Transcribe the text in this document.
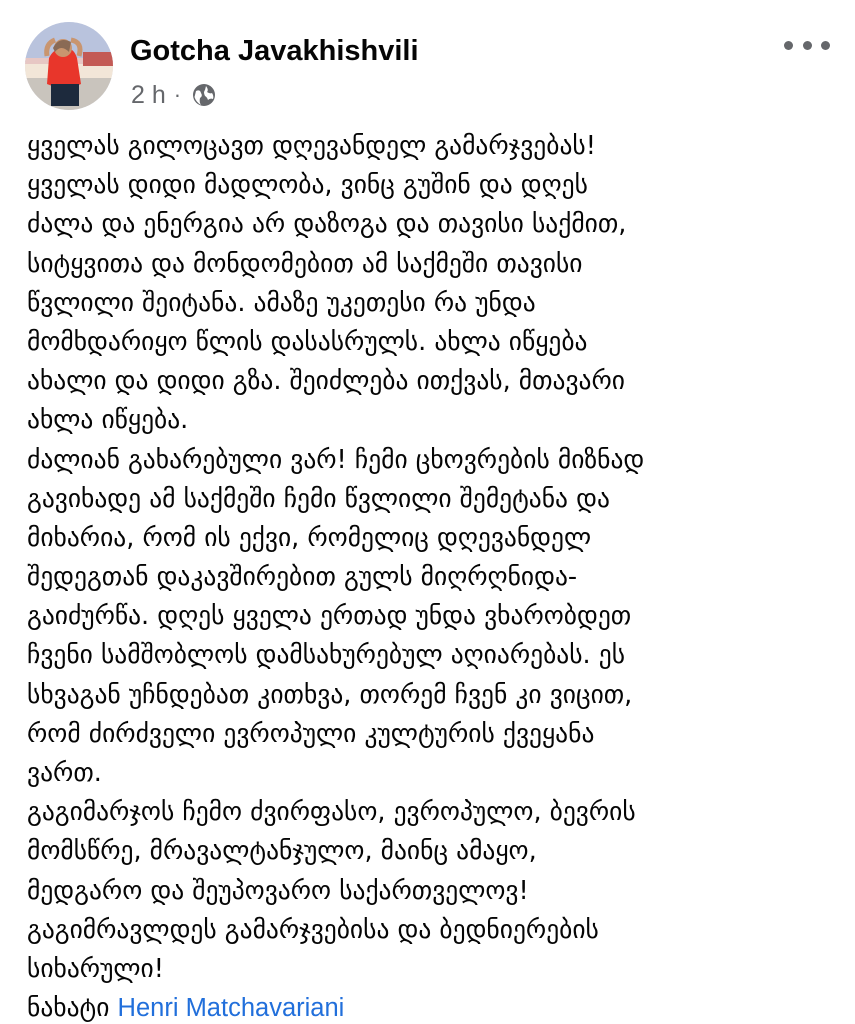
Gotcha Javakhishvili
2 h ·
ყველას გილოცავთ დღევანდელ გამარჯვებას!
ყველას დიდი მადლობა, ვინც გუშინ და დღეს
ძალა და ენერგია არ დაზოგა და თავისი საქმით,
სიტყვითა და მონდომებით ამ საქმეში თავისი
წვლილი შეიტანა. ამაზე უკეთესი რა უნდა
მომხდარიყო წლის დასასრულს. ახლა იწყება
ახალი და დიდი გზა. შეიძლება ითქვას, მთავარი
ახლა იწყება.
ძალიან გახარებული ვარ! ჩემი ცხოვრების მიზნად
გავიხადე ამ საქმეში ჩემი წვლილი შემეტანა და
მიხარია, რომ ის ექვი, რომელიც დღევანდელ
შედეგთან დაკავშირებით გულს მიღრღნიდა-
გაიძურწა. დღეს ყველა ერთად უნდა ვხარობდეთ
ჩვენი სამშობლოს დამსახურებულ აღიარებას. ეს
სხვაგან უჩნდებათ კითხვა, თორემ ჩვენ კი ვიცით,
რომ ძირძველი ევროპული კულტურის ქვეყანა
ვართ.
გაგიმარჯოს ჩემო ძვირფასო, ევროპულო, ბევრის
მომსწრე, მრავალტანჯულო, მაინც ამაყო,
მედგარო და შეუპოვარო საქართველოვ!
გაგიმრავლდეს გამარჯვებისა და ბედნიერების
სიხარული!
ნახატი Henri Matchavariani
